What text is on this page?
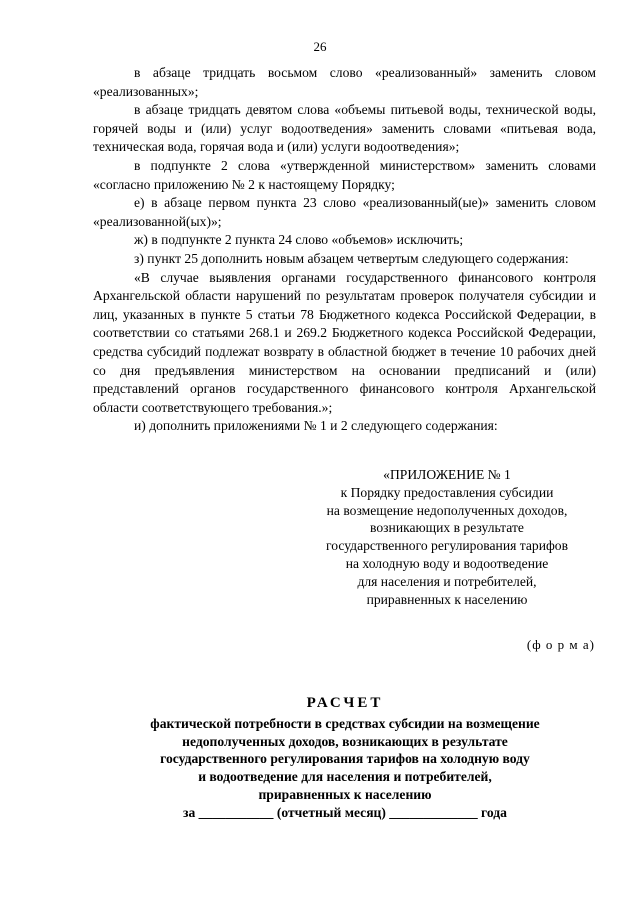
26

в абзаце тридцать восьмом слово «реализованный» заменить словом «реализованных»;

в абзаце тридцать девятом слова «объемы питьевой воды, технической воды, горячей воды и (или) услуг водоотведения» заменить словами «питьевая вода, техническая вода, горячая вода и (или) услуги водоотведения»;

в подпункте 2 слова «утвержденной министерством» заменить словами «согласно приложению № 2 к настоящему Порядку;

е) в абзаце первом пункта 23 слово «реализованный(ые)» заменить словом «реализованной(ых)»;

ж) в подпункте 2 пункта 24 слово «объемов» исключить;

з) пункт 25 дополнить новым абзацем четвертым следующего содержания:

«В случае выявления органами государственного финансового контроля Архангельской области нарушений по результатам проверок получателя субсидии и лиц, указанных в пункте 5 статьи 78 Бюджетного кодекса Российской Федерации, в соответствии со статьями 268.1 и 269.2 Бюджетного кодекса Российской Федерации, средства субсидий подлежат возврату в областной бюджет в течение 10 рабочих дней со дня предъявления министерством на основании предписаний и (или) представлений органов государственного финансового контроля Архангельской области соответствующего требования.»;

и) дополнить приложениями № 1 и 2 следующего содержания:

«ПРИЛОЖЕНИЕ № 1
к Порядку предоставления субсидии
на возмещение недополученных доходов,
возникающих в результате
государственного регулирования тарифов
на холодную воду и водоотведение
для населения и потребителей,
приравненных к населению
(ф о р м а)
РАСЧЕТ
фактической потребности в средствах субсидии на возмещение
недополученных доходов, возникающих в результате
государственного регулирования тарифов на холодную воду
и водоотведение для населения и потребителей,
приравненных к населению
за ___________ (отчетный месяц) _____________ года
